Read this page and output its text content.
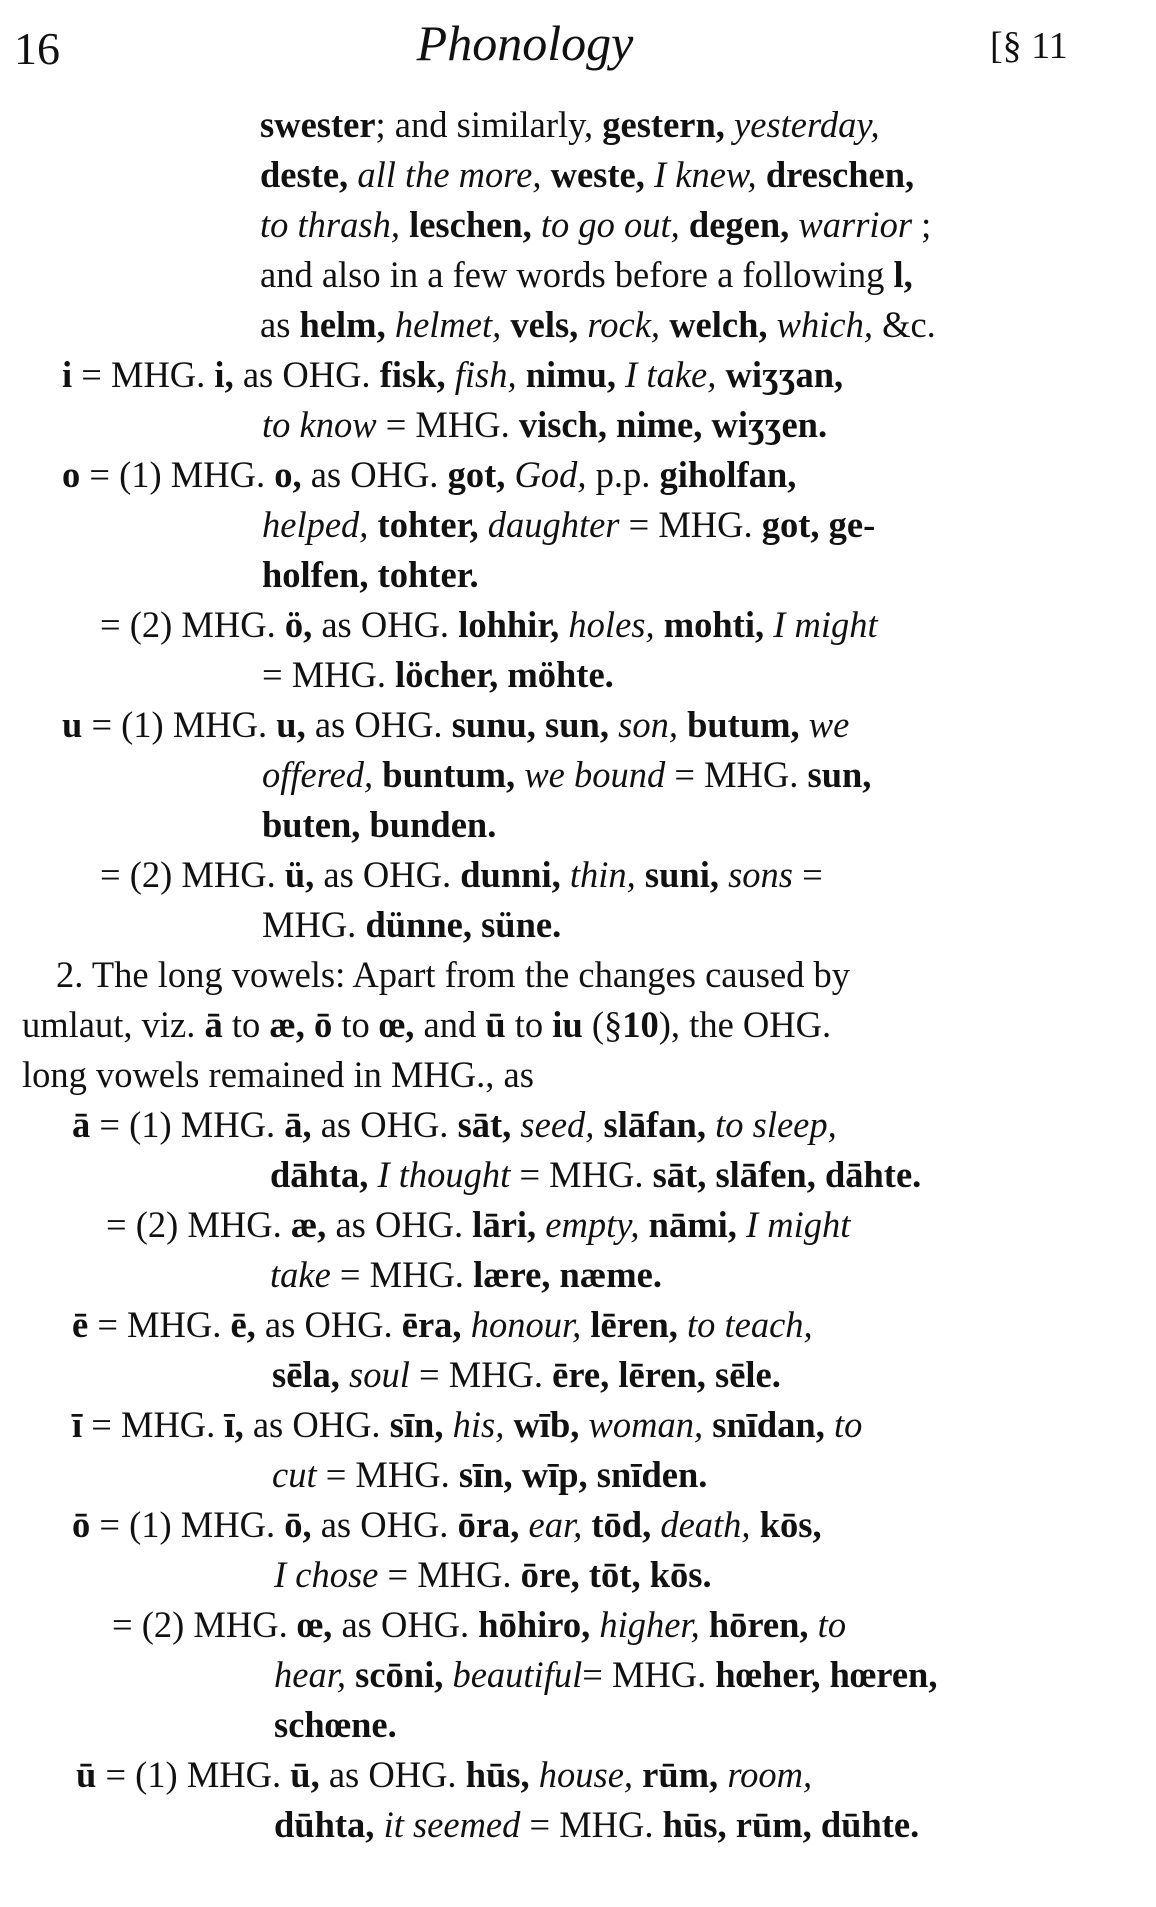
16	Phonology	[§ 11
swester; and similarly, gestern, yesterday,
deste, all the more, weste, I knew, dreschen,
to thrash, leschen, to go out, degen, warrior ;
and also in a few words before a following l,
as helm, helmet, vels, rock, welch, which, &c.
i = MHG. i, as OHG. fisk, fish, nimu, I take, wiʒʒan,
to know = MHG. visch, nime, wiʒʒen.
o = (1) MHG. o, as OHG. got, God, p.p. giholfan,
helped, tohter, daughter = MHG. got, ge-
holfen, tohter.
= (2) MHG. ö, as OHG. lohhir, holes, mohti, I might
= MHG. löcher, möhte.
u = (1) MHG. u, as OHG. sunu, sun, son, butum, we
offered, buntum, we bound = MHG. sun,
buten, bunden.
= (2) MHG. ü, as OHG. dunni, thin, suni, sons =
MHG. dünne, süne.
2. The long vowels: Apart from the changes caused by
umlaut, viz. ā to æ, ō to œ, and ū to iu (§10), the OHG.
long vowels remained in MHG., as
ā = (1) MHG. ā, as OHG. sāt, seed, slāfan, to sleep,
dāhta, I thought = MHG. sāt, slāfen, dāhte.
= (2) MHG. æ, as OHG. lāri, empty, nāmi, I might
take = MHG. lære, næme.
ē = MHG. ē, as OHG. ēra, honour, lēren, to teach,
sēla, soul = MHG. ēre, lēren, sēle.
ī = MHG. ī, as OHG. sīn, his, wīb, woman, snīdan, to
cut = MHG. sīn, wīp, snīden.
ō = (1) MHG. ō, as OHG. ōra, ear, tōd, death, kōs,
I chose = MHG. ōre, tōt, kōs.
= (2) MHG. œ, as OHG. hōhiro, higher, hōren, to
hear, scōni, beautiful= MHG. hœher, hœren,
schœne.
ū = (1) MHG. ū, as OHG. hūs, house, rūm, room,
dūhta, it seemed = MHG. hūs, rūm, dūhte.
